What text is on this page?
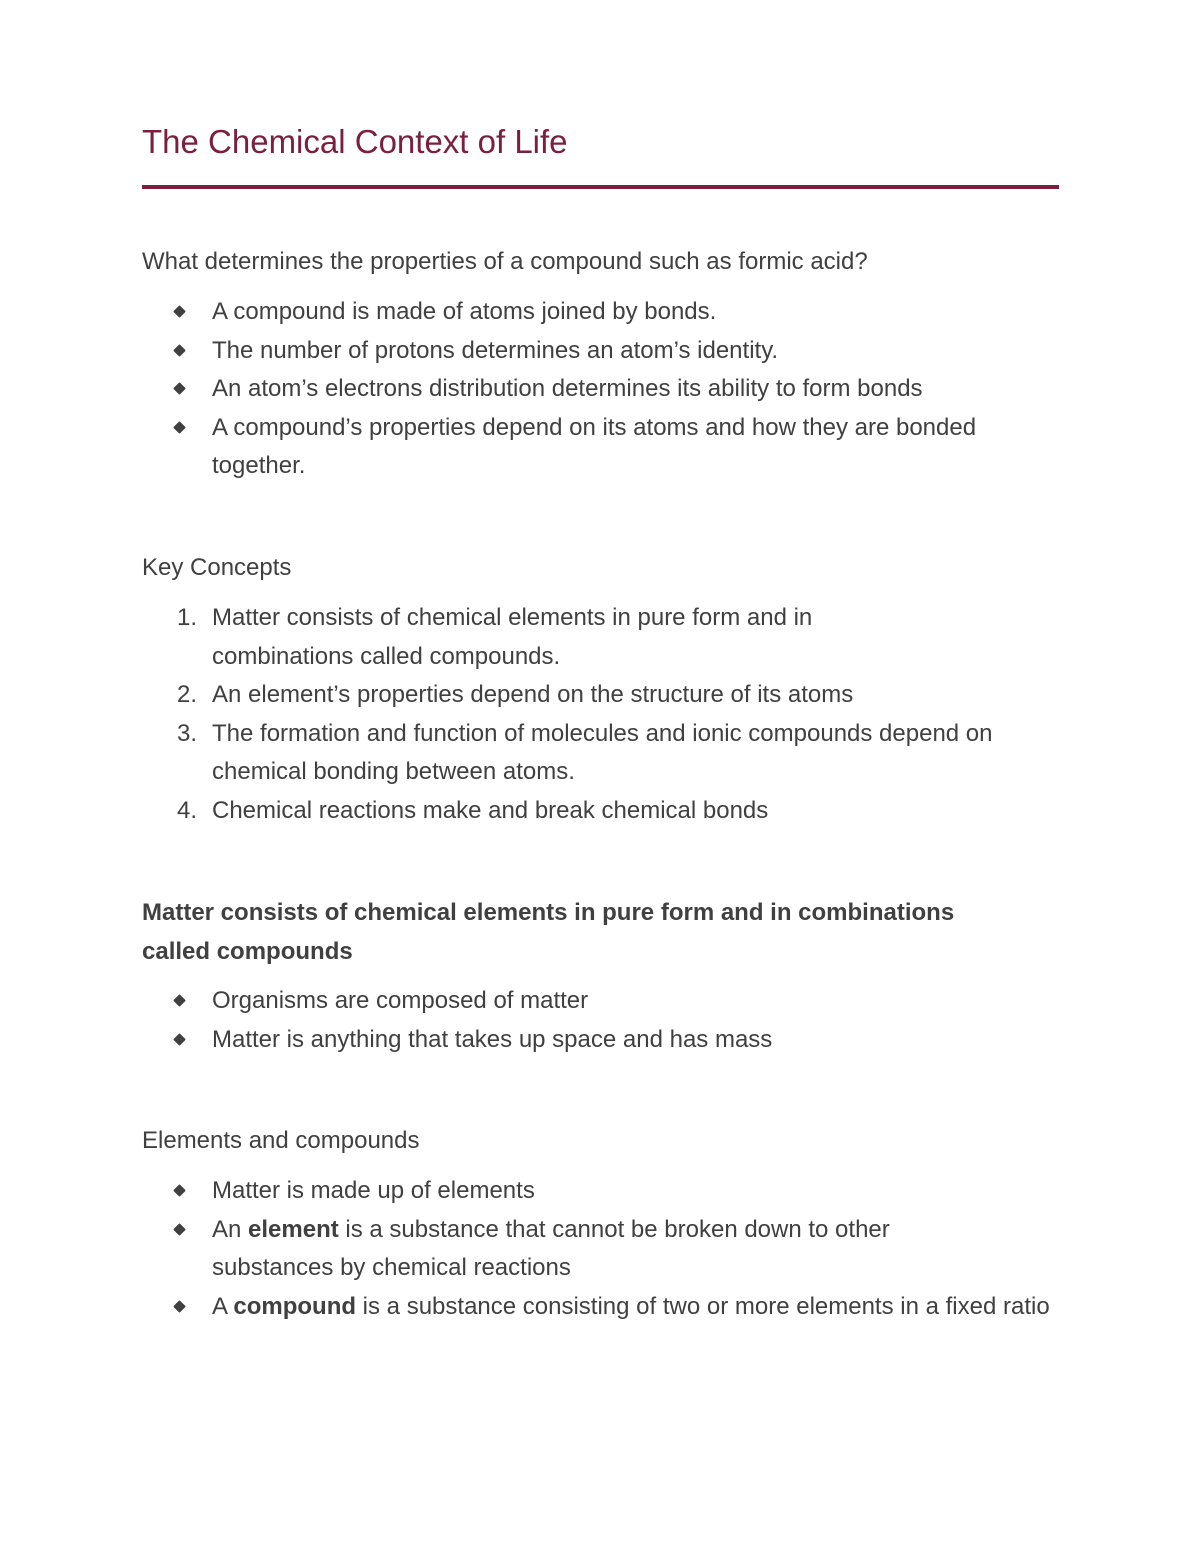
The Chemical Context of Life

What determines the properties of a compound such as formic acid?

A compound is made of atoms joined by bonds.
The number of protons determines an atom’s identity.
An atom’s electrons distribution determines its ability to form bonds
A compound’s properties depend on its atoms and how they are bonded together.

Key Concepts

1. Matter consists of chemical elements in pure form and in combinations called compounds.
2. An element’s properties depend on the structure of its atoms
3. The formation and function of molecules and ionic compounds depend on chemical bonding between atoms.
4. Chemical reactions make and break chemical bonds

Matter consists of chemical elements in pure form and in combinations called compounds

Organisms are composed of matter
Matter is anything that takes up space and has mass

Elements and compounds

Matter is made up of elements
An element is a substance that cannot be broken down to other substances by chemical reactions
A compound is a substance consisting of two or more elements in a fixed ratio
